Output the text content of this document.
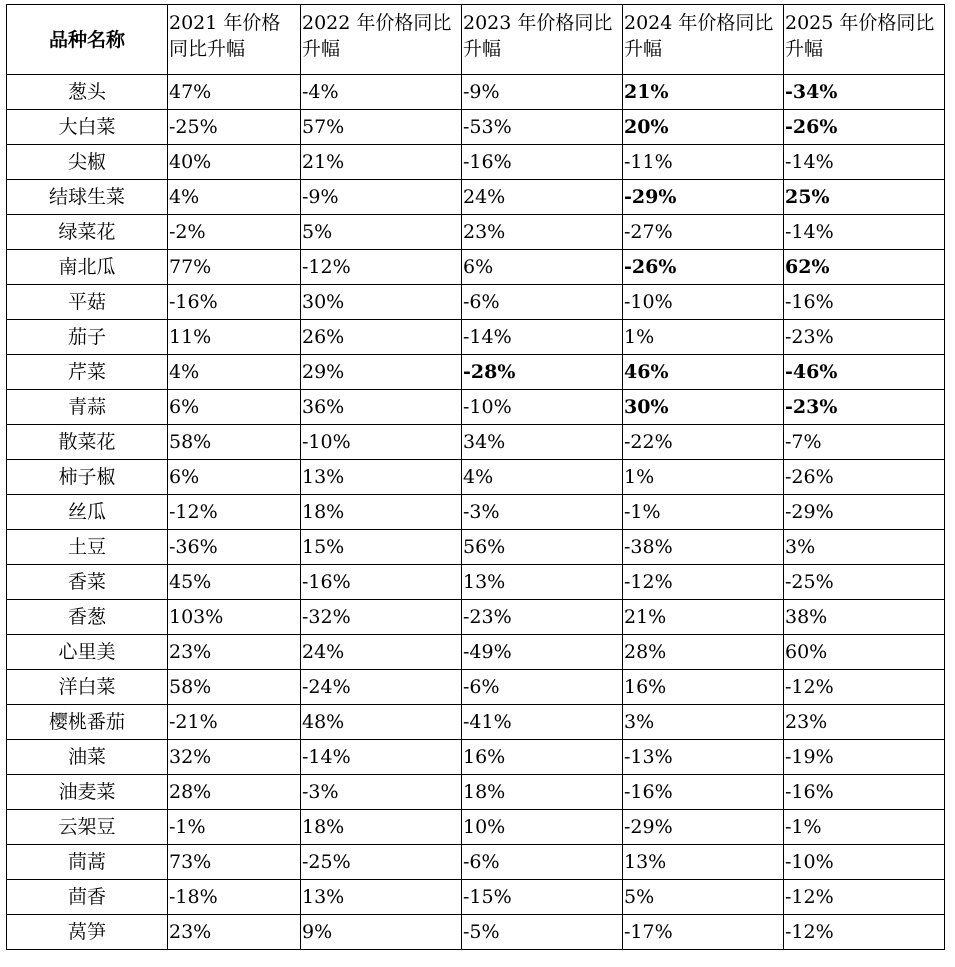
品种名称	2021 年价格同比升幅	2022 年价格同比升幅	2023 年价格同比升幅	2024 年价格同比升幅	2025 年价格同比升幅
葱头	47%	-4%	-9%	21%	-34%
大白菜	-25%	57%	-53%	20%	-26%
尖椒	40%	21%	-16%	-11%	-14%
结球生菜	4%	-9%	24%	-29%	25%
绿菜花	-2%	5%	23%	-27%	-14%
南北瓜	77%	-12%	6%	-26%	62%
平菇	-16%	30%	-6%	-10%	-16%
茄子	11%	26%	-14%	1%	-23%
芹菜	4%	29%	-28%	46%	-46%
青蒜	6%	36%	-10%	30%	-23%
散菜花	58%	-10%	34%	-22%	-7%
柿子椒	6%	13%	4%	1%	-26%
丝瓜	-12%	18%	-3%	-1%	-29%
土豆	-36%	15%	56%	-38%	3%
香菜	45%	-16%	13%	-12%	-25%
香葱	103%	-32%	-23%	21%	38%
心里美	23%	24%	-49%	28%	60%
洋白菜	58%	-24%	-6%	16%	-12%
樱桃番茄	-21%	48%	-41%	3%	23%
油菜	32%	-14%	16%	-13%	-19%
油麦菜	28%	-3%	18%	-16%	-16%
云架豆	-1%	18%	10%	-29%	-1%
茼蒿	73%	-25%	-6%	13%	-10%
茴香	-18%	13%	-15%	5%	-12%
莴笋	23%	9%	-5%	-17%	-12%
